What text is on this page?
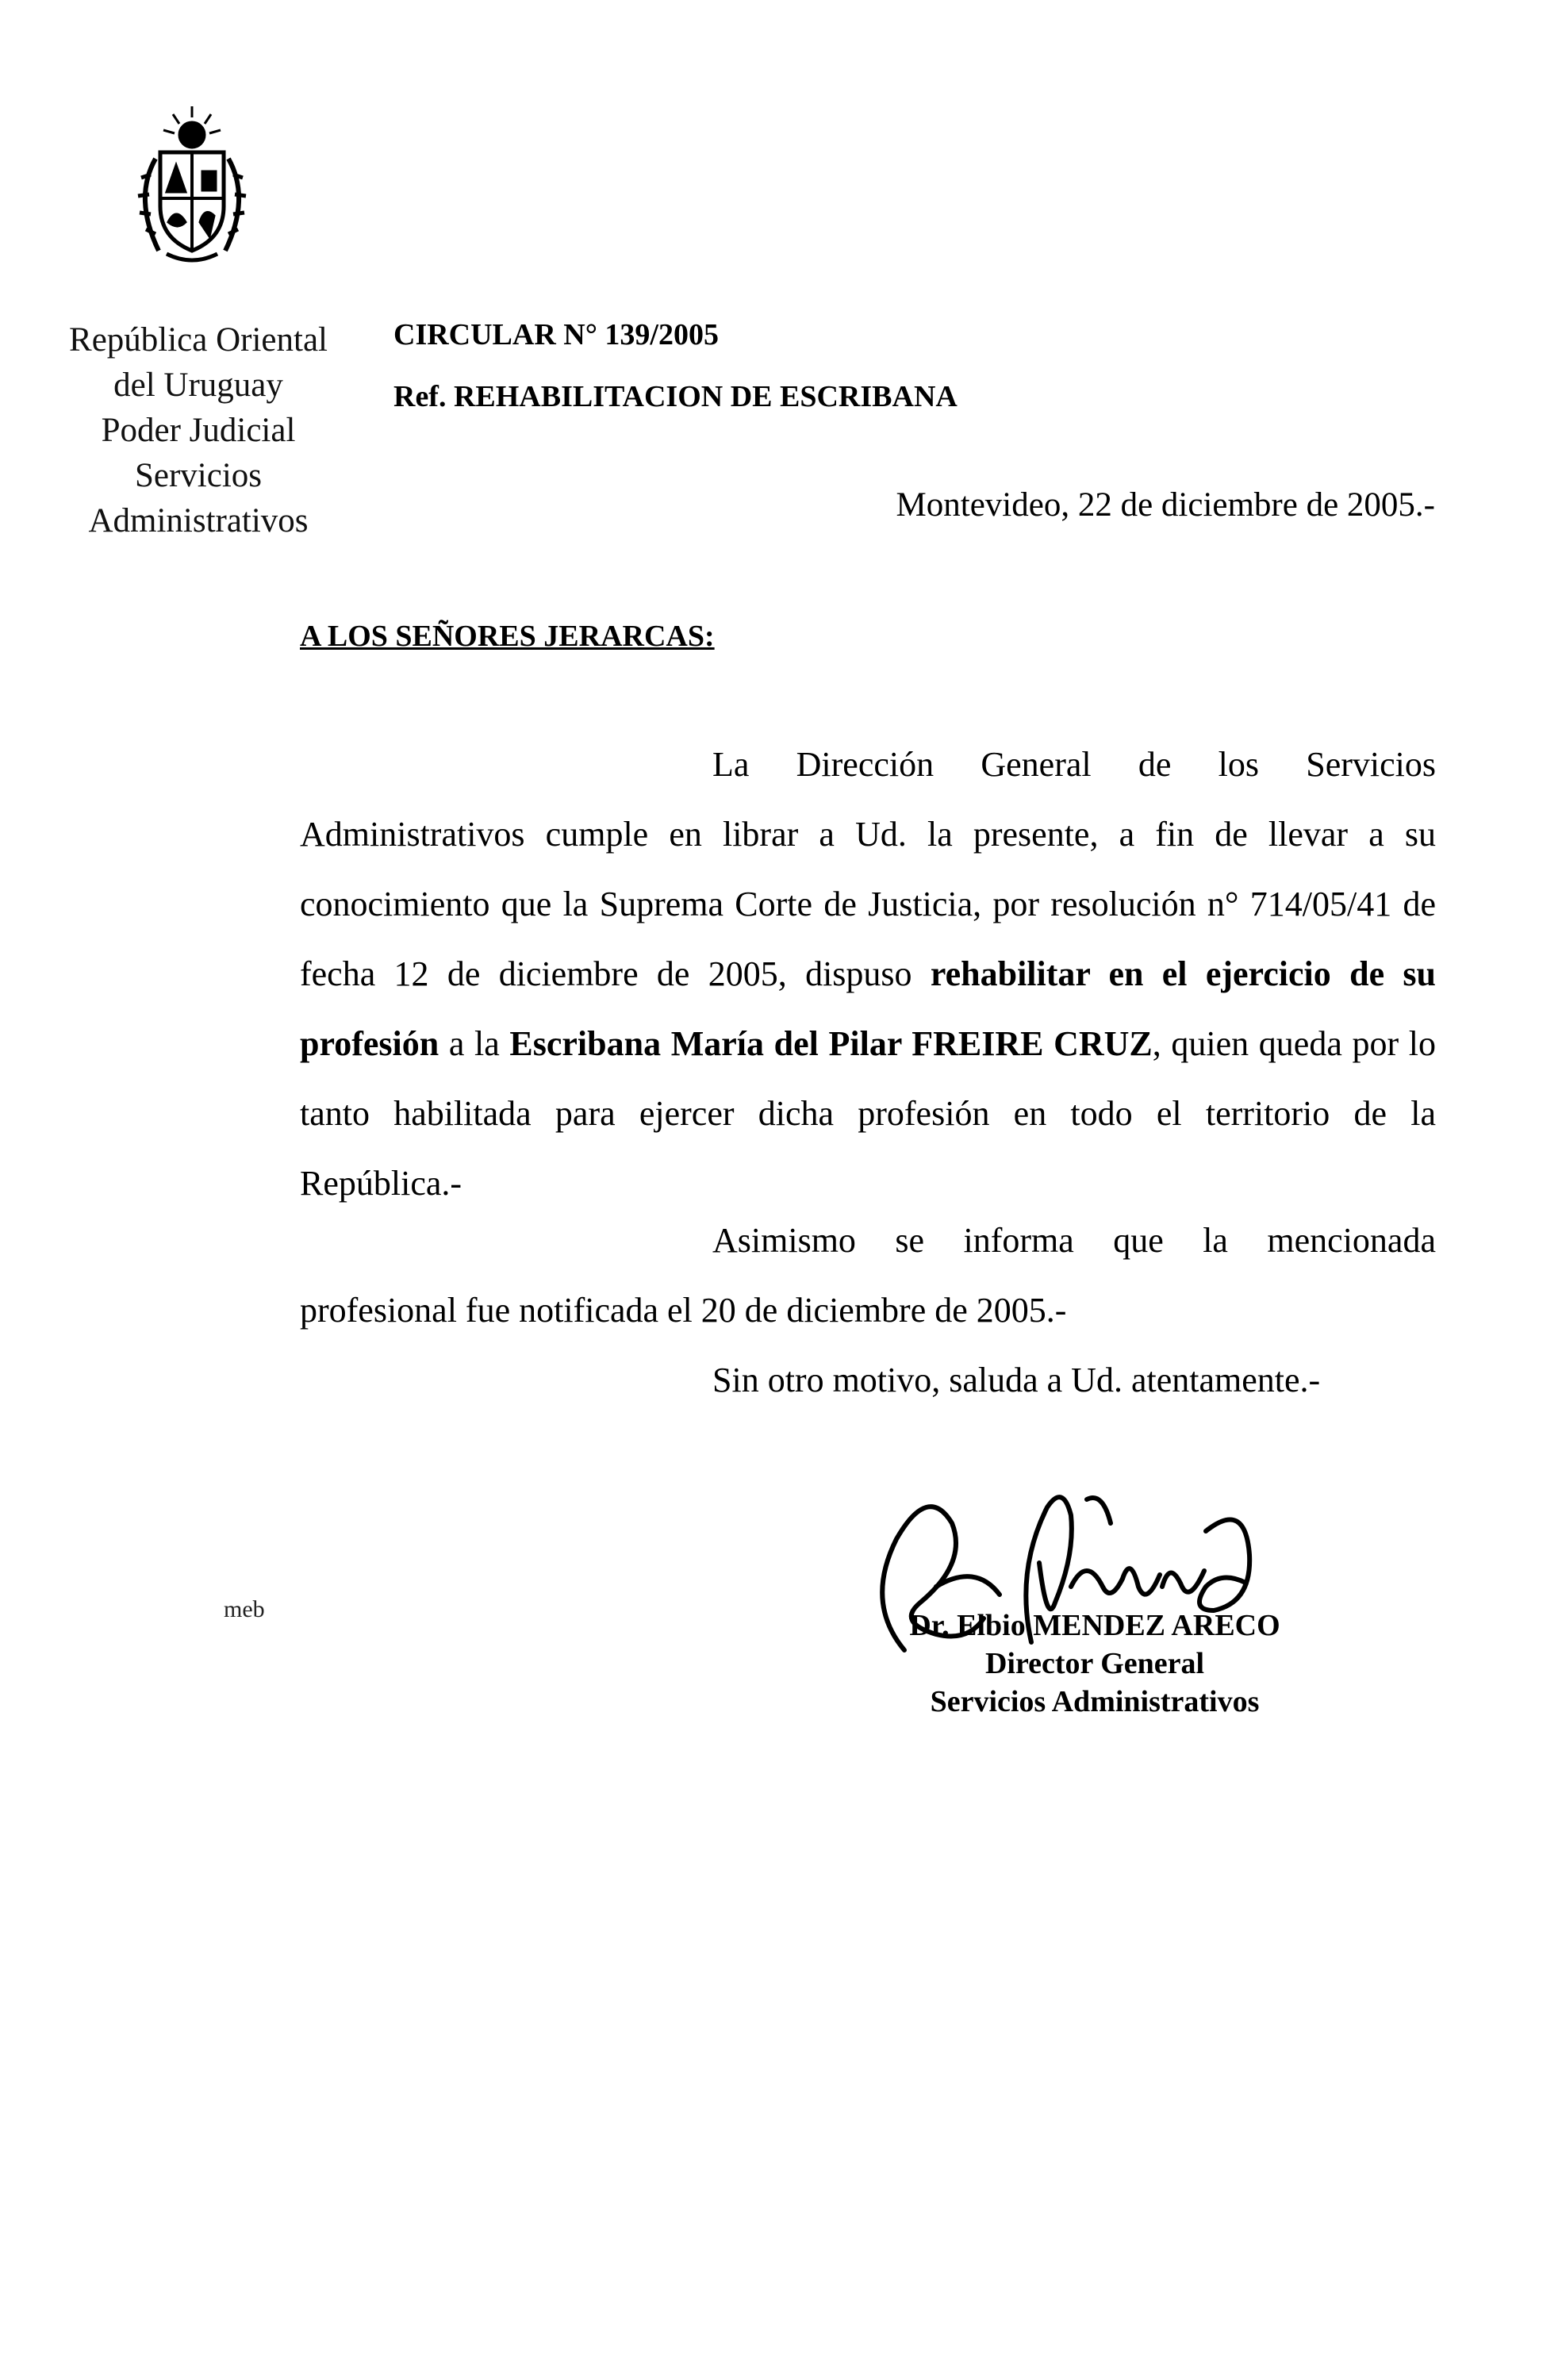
República Oriental
del Uruguay
Poder Judicial
Servicios
Administrativos
CIRCULAR N° 139/2005
Ref. REHABILITACION DE ESCRIBANA
Montevideo, 22 de diciembre de 2005.-
A LOS SEÑORES JERARCAS:
La Dirección General de los Servicios Administrativos cumple en librar a Ud. la presente, a fin de llevar a su conocimiento que la Suprema Corte de Justicia, por resolución n° 714/05/41 de fecha 12 de diciembre de 2005, dispuso rehabilitar en el ejercicio de su profesión a la Escribana María del Pilar FREIRE CRUZ, quien queda por lo tanto habilitada para ejercer dicha profesión en todo el territorio de la República.-
Asimismo se informa que la mencionada profesional fue notificada el 20 de diciembre de 2005.-
Sin otro motivo, saluda a Ud. atentamente.-
Dr. Elbio MENDEZ ARECO
Director General
Servicios Administrativos
meb
